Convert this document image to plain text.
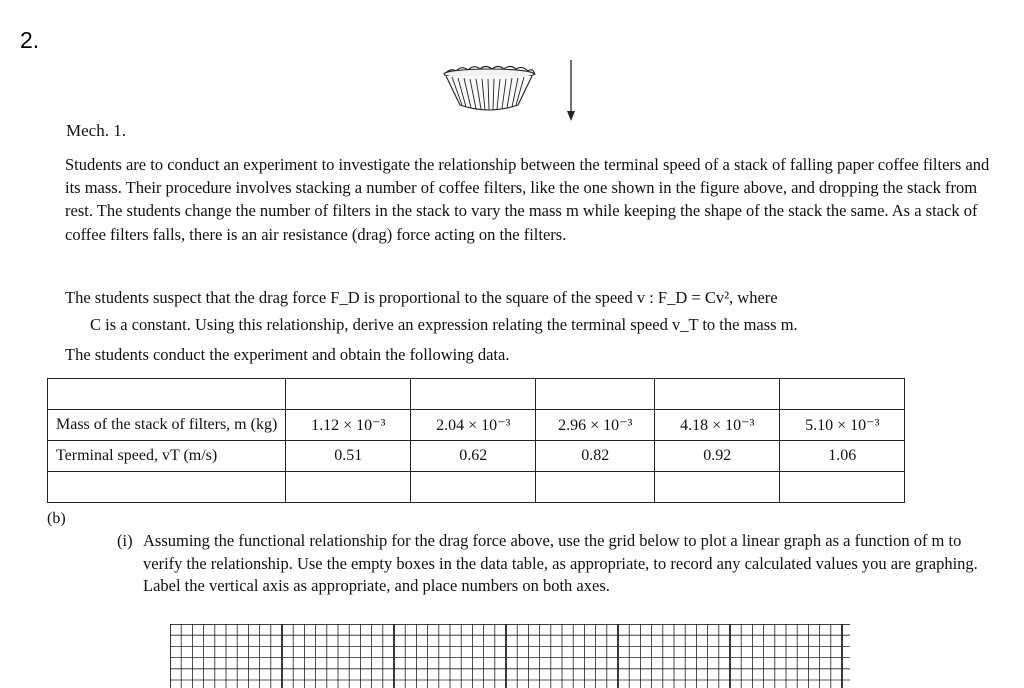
2.
Mech. 1.
Students are to conduct an experiment to investigate the relationship between the terminal speed of a stack of falling paper coffee filters and its mass. Their procedure involves stacking a number of coffee filters, like the one shown in the figure above, and dropping the stack from rest. The students change the number of filters in the stack to vary the mass m while keeping the shape of the stack the same. As a stack of coffee filters falls, there is an air resistance (drag) force acting on the filters.
The students suspect that the drag force F_D is proportional to the square of the speed v : F_D = Cv², where
C is a constant. Using this relationship, derive an expression relating the terminal speed v_T to the mass m.
The students conduct the experiment and obtain the following data.

Mass of the stack of filters, m (kg)	1.12 × 10⁻³	2.04 × 10⁻³	2.96 × 10⁻³	4.18 × 10⁻³	5.10 × 10⁻³
Terminal speed, vT (m/s)	0.51	0.62	0.82	0.92	1.06

(b)
(i) Assuming the functional relationship for the drag force above, use the grid below to plot a linear graph as a function of m to verify the relationship. Use the empty boxes in the data table, as appropriate, to record any calculated values you are graphing. Label the vertical axis as appropriate, and place numbers on both axes.
